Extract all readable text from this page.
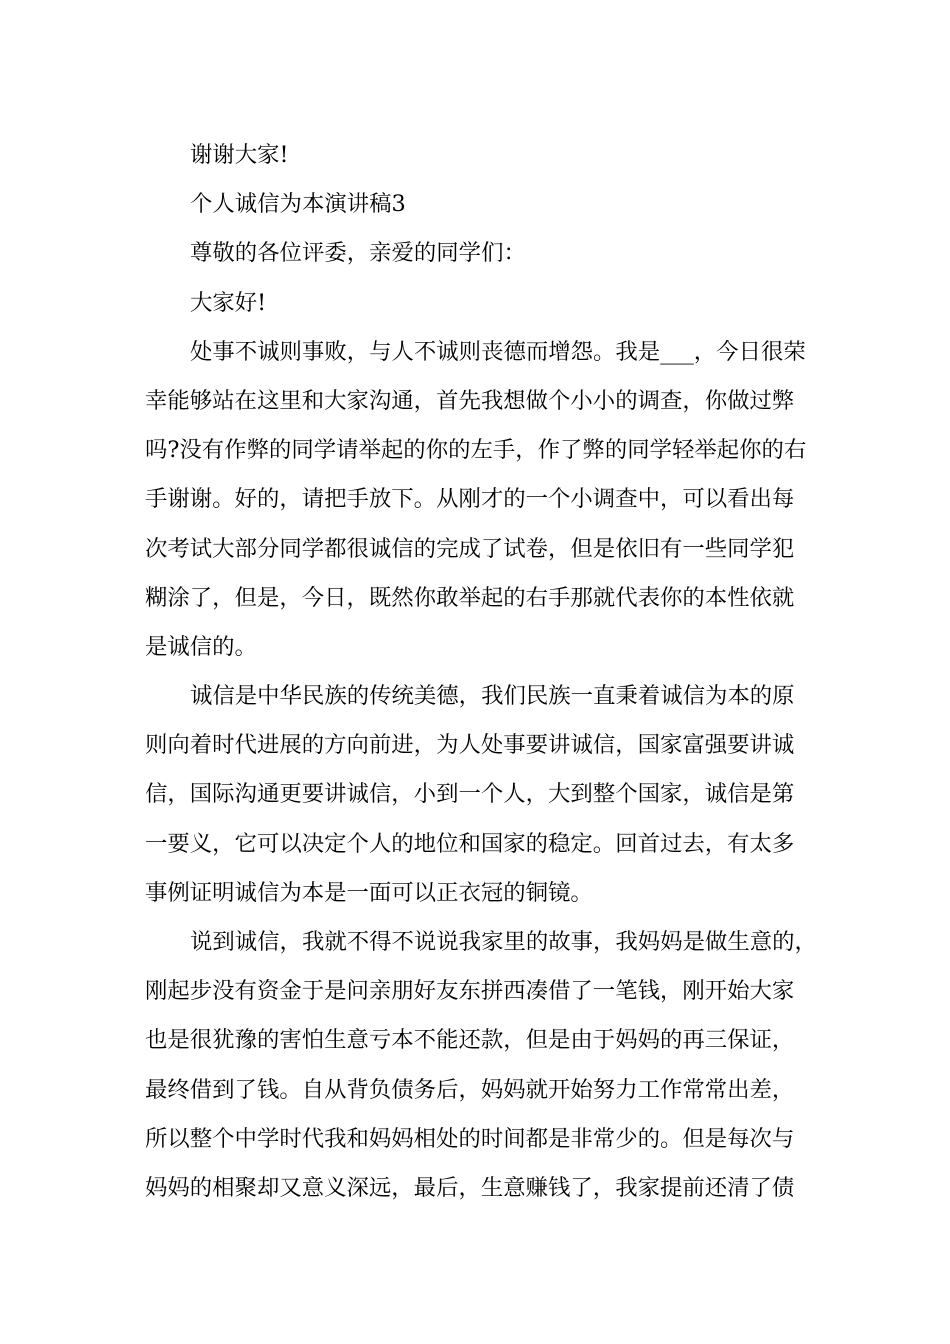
谢谢大家!
个人诚信为本演讲稿3
尊敬的各位评委，亲爱的同学们：
大家好!
处事不诚则事败，与人不诚则丧德而增怨。我是___，今日很荣
幸能够站在这里和大家沟通，首先我想做个小小的调查，你做过弊
吗?没有作弊的同学请举起的你的左手，作了弊的同学轻举起你的右
手谢谢。好的，请把手放下。从刚才的一个小调查中，可以看出每
次考试大部分同学都很诚信的完成了试卷，但是依旧有一些同学犯
糊涂了，但是，今日，既然你敢举起的右手那就代表你的本性依就
是诚信的。
诚信是中华民族的传统美德，我们民族一直秉着诚信为本的原
则向着时代进展的方向前进，为人处事要讲诚信，国家富强要讲诚
信，国际沟通更要讲诚信，小到一个人，大到整个国家，诚信是第
一要义，它可以决定个人的地位和国家的稳定。回首过去，有太多
事例证明诚信为本是一面可以正衣冠的铜镜。
说到诚信，我就不得不说说我家里的故事，我妈妈是做生意的，
刚起步没有资金于是问亲朋好友东拼西凑借了一笔钱，刚开始大家
也是很犹豫的害怕生意亏本不能还款，但是由于妈妈的再三保证，
最终借到了钱。自从背负债务后，妈妈就开始努力工作常常出差，
所以整个中学时代我和妈妈相处的时间都是非常少的。但是每次与
妈妈的相聚却又意义深远，最后，生意赚钱了，我家提前还清了债
